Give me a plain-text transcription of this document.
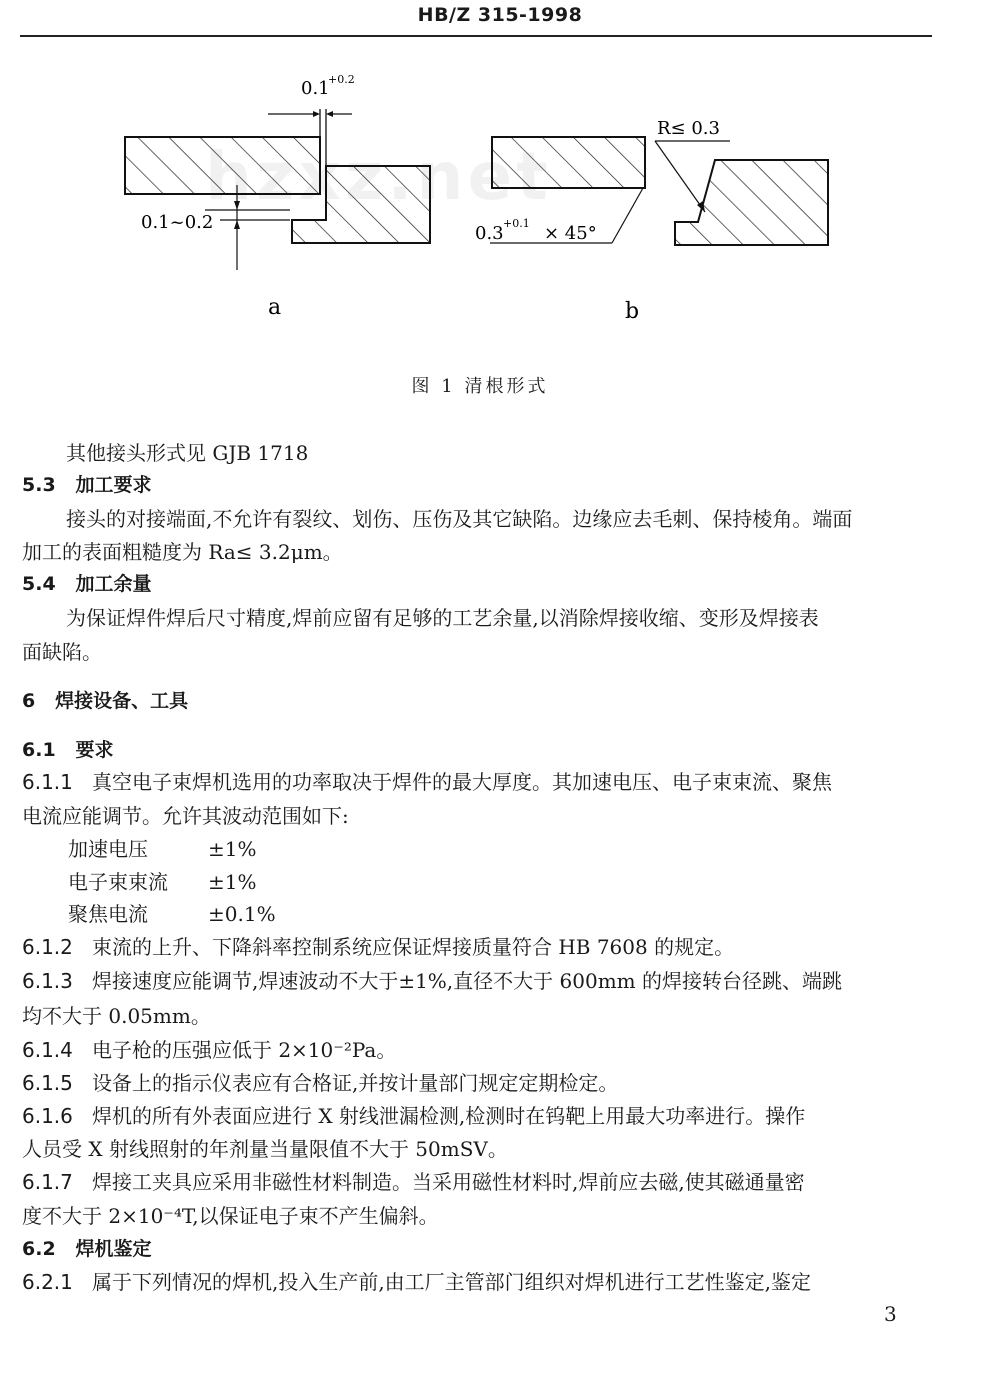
HB/Z 315-1998
0.1
+0.2
0.1~0.2
a
R≤ 0.3
0.3 +0.1 × 45°
b
图 1 清根形式
其他接头形式见 GJB 1718
5.3 加工要求
接头的对接端面,不允许有裂纹、划伤、压伤及其它缺陷。边缘应去毛刺、保持棱角。端面
加工的表面粗糙度为 Ra≤ 3.2μm。
5.4 加工余量
为保证焊件焊后尺寸精度,焊前应留有足够的工艺余量,以消除焊接收缩、变形及焊接表
面缺陷。
6 焊接设备、工具
6.1 要求
6.1.1 真空电子束焊机选用的功率取决于焊件的最大厚度。其加速电压、电子束束流、聚焦
电流应能调节。允许其波动范围如下:
加速电压	±1%
电子束束流 ±1%
聚焦电流	±0.1%
6.1.2 束流的上升、下降斜率控制系统应保证焊接质量符合 HB 7608 的规定。
6.1.3 焊接速度应能调节,焊速波动不大于±1%,直径不大于 600mm 的焊接转台径跳、端跳
均不大于 0.05mm。
6.1.4 电子枪的压强应低于 2×10⁻²Pa。
6.1.5 设备上的指示仪表应有合格证,并按计量部门规定定期检定。
6.1.6 焊机的所有外表面应进行 X 射线泄漏检测,检测时在钨靶上用最大功率进行。操作
人员受 X 射线照射的年剂量当量限值不大于 50mSV。
6.1.7 焊接工夹具应采用非磁性材料制造。当采用磁性材料时,焊前应去磁,使其磁通量密
度不大于 2×10⁻⁴T,以保证电子束不产生偏斜。
6.2 焊机鉴定
6.2.1 属于下列情况的焊机,投入生产前,由工厂主管部门组织对焊机进行工艺性鉴定,鉴定
3
